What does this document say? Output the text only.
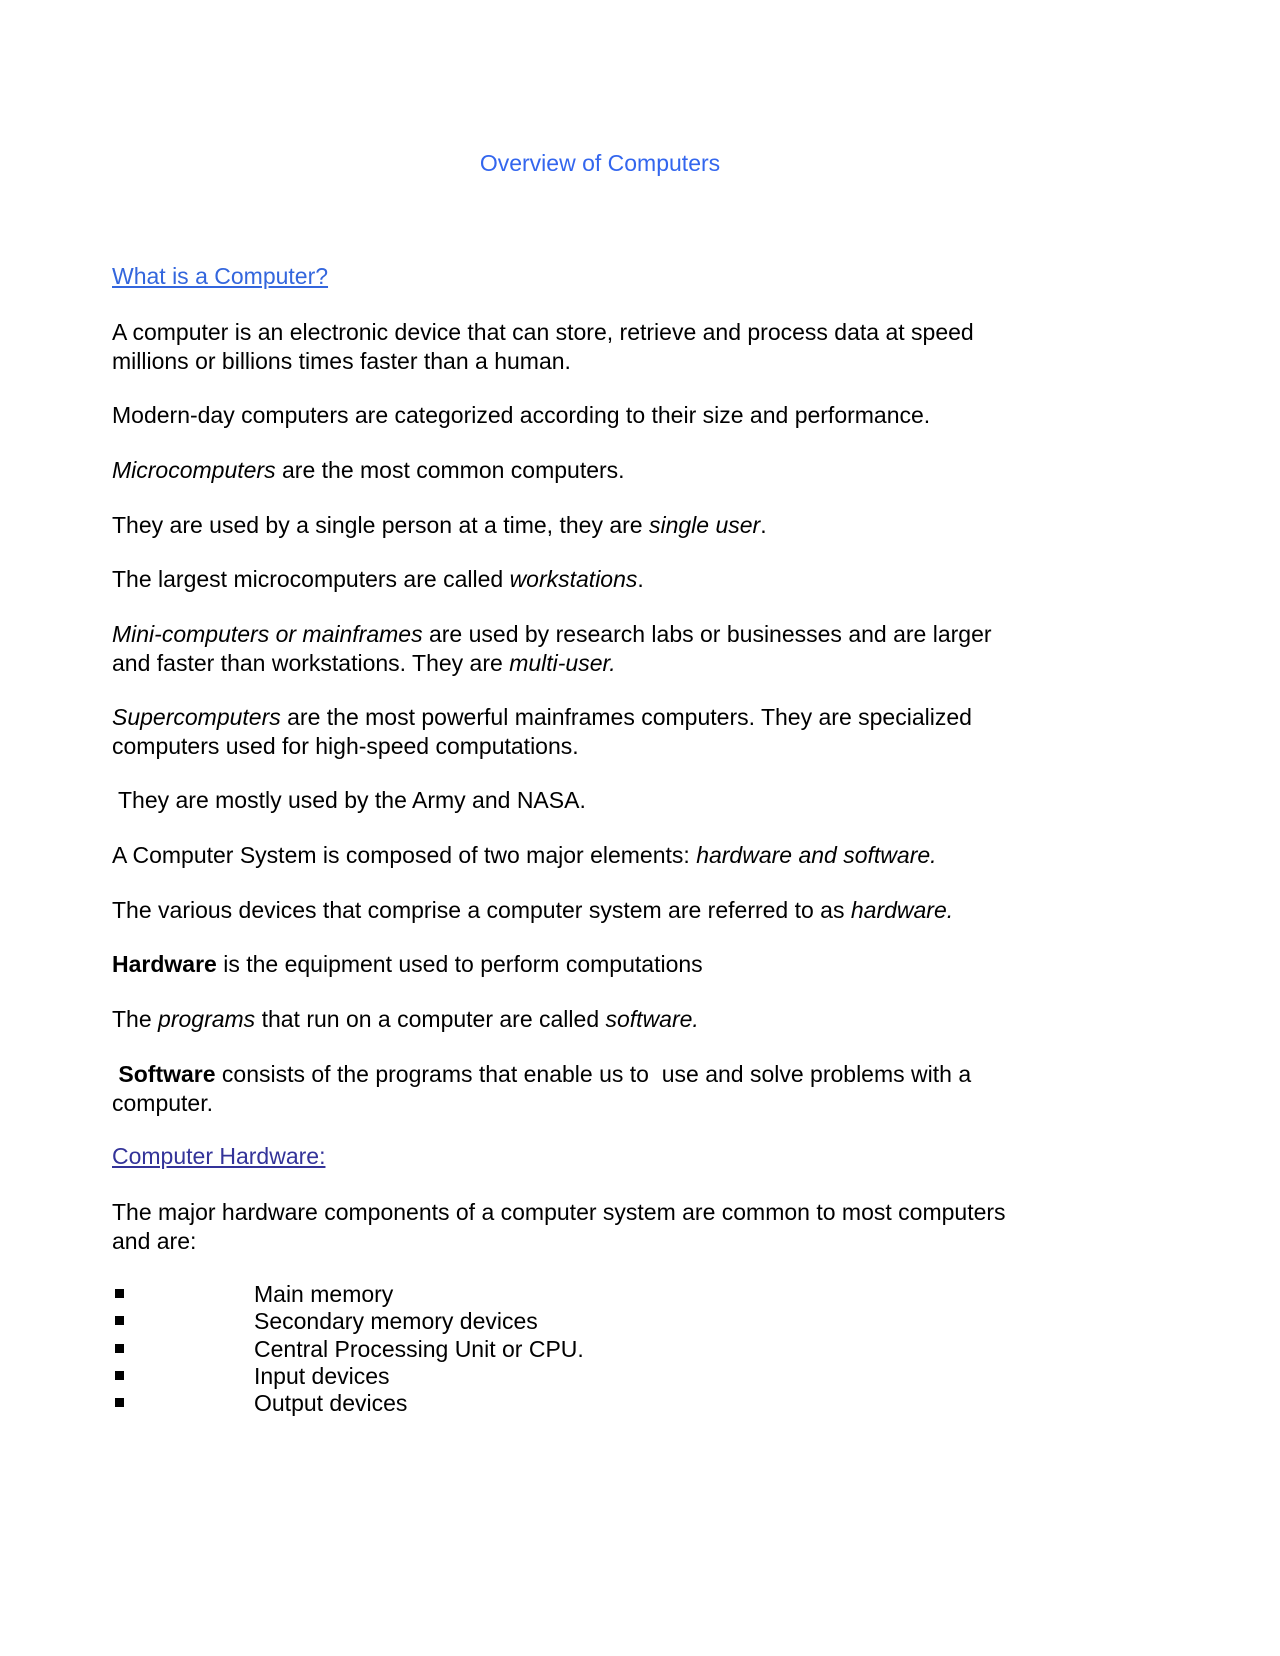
Overview of Computers
What is a Computer?

A computer is an electronic device that can store, retrieve and process data at speed
millions or billions times faster than a human.

Modern-day computers are categorized according to their size and performance.

Microcomputers are the most common computers.

They are used by a single person at a time, they are single user.

The largest microcomputers are called workstations.

Mini-computers or mainframes are used by research labs or businesses and are larger
and faster than workstations. They are multi-user.

Supercomputers are the most powerful mainframes computers. They are specialized
computers used for high-speed computations.

They are mostly used by the Army and NASA.

A Computer System is composed of two major elements: hardware and software.

The various devices that comprise a computer system are referred to as hardware.

Hardware is the equipment used to perform computations

The programs that run on a computer are called software.

Software consists of the programs that enable us to  use and solve problems with a
computer.

Computer Hardware:

The major hardware components of a computer system are common to most computers
and are:

Main memory
Secondary memory devices
Central Processing Unit or CPU.
Input devices
Output devices
